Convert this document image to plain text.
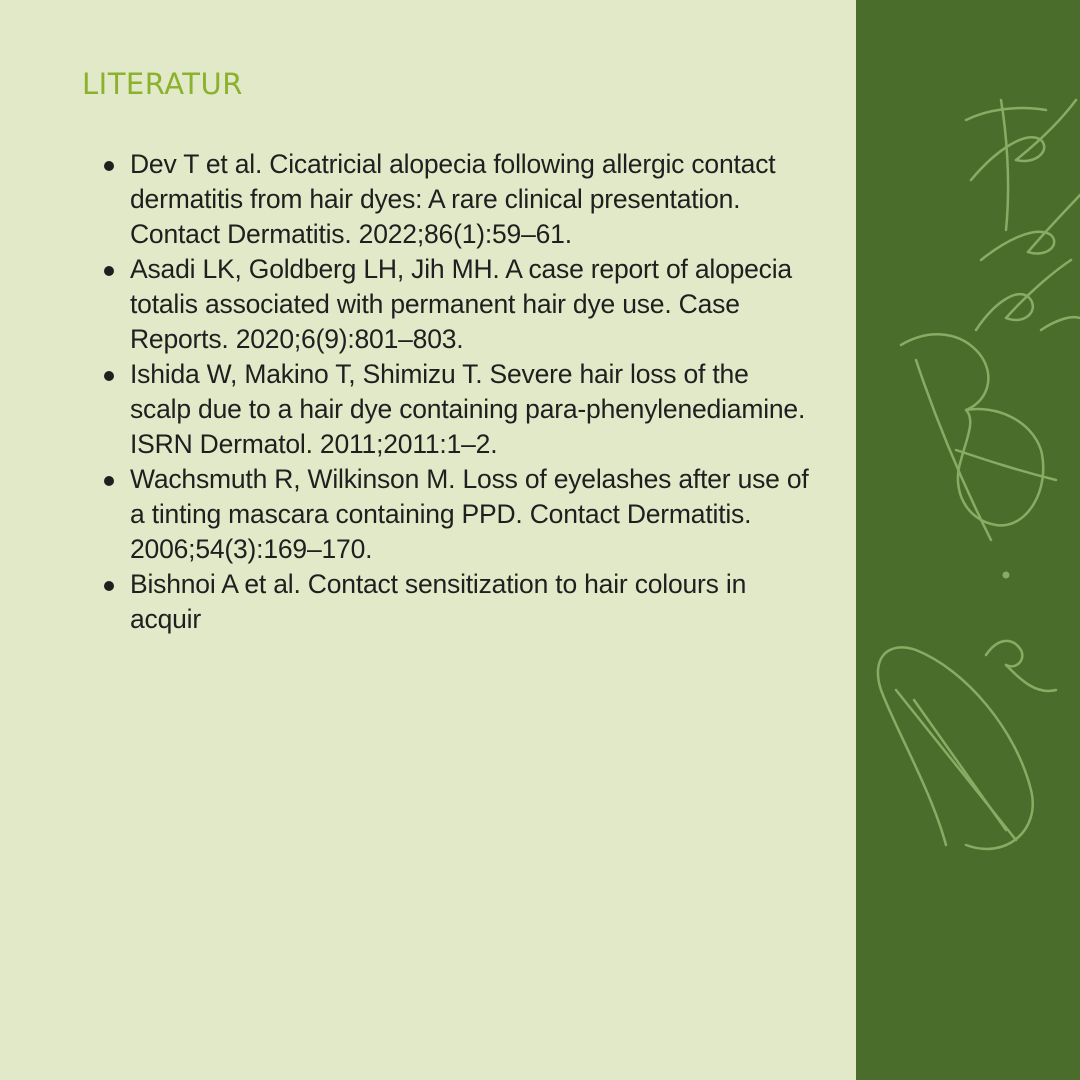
LITERATUR
Dev T et al. Cicatricial alopecia following allergic contact
dermatitis from hair dyes: A rare clinical presentation.
Contact Dermatitis. 2022;86(1):59–61.
Asadi LK, Goldberg LH, Jih MH. A case report of alopecia
totalis associated with permanent hair dye use. Case
Reports. 2020;6(9):801–803.
Ishida W, Makino T, Shimizu T. Severe hair loss of the
scalp due to a hair dye containing para-phenylenediamine.
ISRN Dermatol. 2011;2011:1–2.
Wachsmuth R, Wilkinson M. Loss of eyelashes after use of
a tinting mascara containing PPD. Contact Dermatitis.
2006;54(3):169–170.
Bishnoi A et al. Contact sensitization to hair colours in
acquir
